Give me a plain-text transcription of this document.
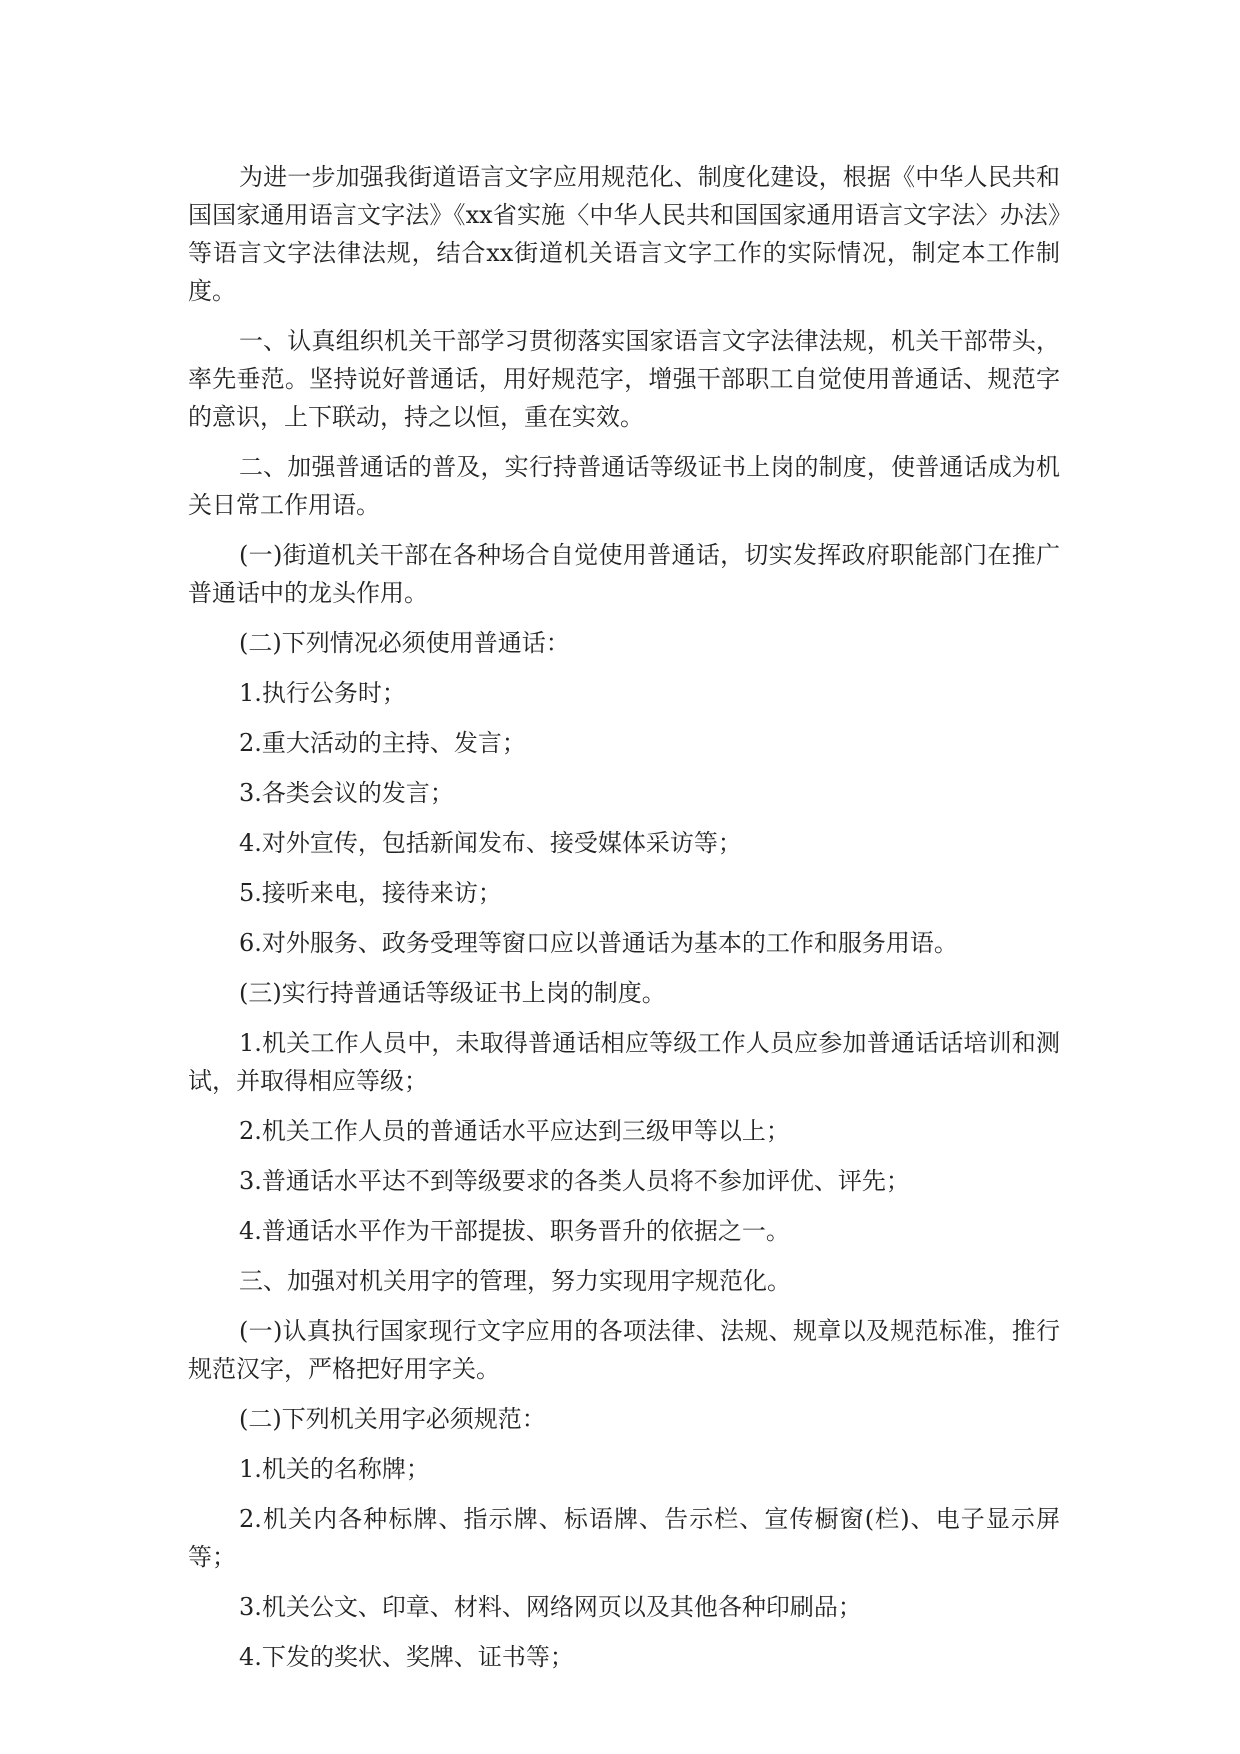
为进一步加强我街道语言文字应用规范化、制度化建设，根据《中华人民共和国国家通用语言文字法》《xx省实施〈中华人民共和国国家通用语言文字法〉办法》等语言文字法律法规，结合xx街道机关语言文字工作的实际情况，制定本工作制度。

一、认真组织机关干部学习贯彻落实国家语言文字法律法规，机关干部带头，率先垂范。坚持说好普通话，用好规范字，增强干部职工自觉使用普通话、规范字的意识，上下联动，持之以恒，重在实效。

二、加强普通话的普及，实行持普通话等级证书上岗的制度，使普通话成为机关日常工作用语。

(一)街道机关干部在各种场合自觉使用普通话，切实发挥政府职能部门在推广普通话中的龙头作用。

(二)下列情况必须使用普通话：

1.执行公务时；

2.重大活动的主持、发言；

3.各类会议的发言；

4.对外宣传，包括新闻发布、接受媒体采访等；

5.接听来电，接待来访；

6.对外服务、政务受理等窗口应以普通话为基本的工作和服务用语。

(三)实行持普通话等级证书上岗的制度。

1.机关工作人员中，未取得普通话相应等级工作人员应参加普通话话培训和测试，并取得相应等级；

2.机关工作人员的普通话水平应达到三级甲等以上；

3.普通话水平达不到等级要求的各类人员将不参加评优、评先；

4.普通话水平作为干部提拔、职务晋升的依据之一。

三、加强对机关用字的管理，努力实现用字规范化。

(一)认真执行国家现行文字应用的各项法律、法规、规章以及规范标准，推行规范汉字，严格把好用字关。

(二)下列机关用字必须规范：

1.机关的名称牌；

2.机关内各种标牌、指示牌、标语牌、告示栏、宣传橱窗(栏)、电子显示屏等；

3.机关公文、印章、材料、网络网页以及其他各种印刷品；

4.下发的奖状、奖牌、证书等；
